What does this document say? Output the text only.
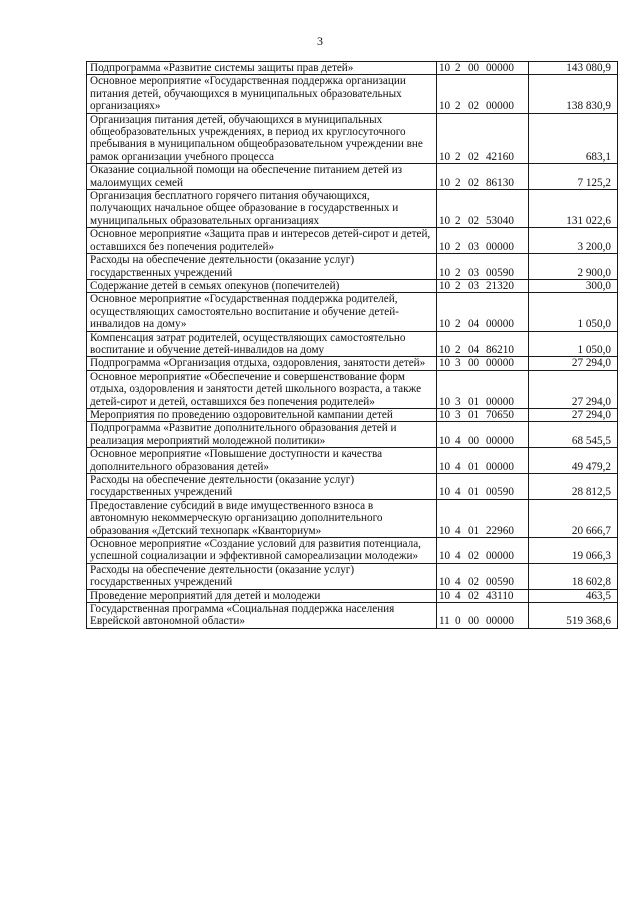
3
Подпрограмма «Развитие системы защиты прав детей»	10 2 00 00000	143 080,9
Основное мероприятие «Государственная поддержка организации питания детей, обучающихся в муниципальных образовательных организациях»	10 2 02 00000	138 830,9
Организация питания детей, обучающихся в муниципальных общеобразовательных учреждениях, в период их круглосуточного пребывания в муниципальном общеобразовательном учреждении вне рамок организации учебного процесса	10 2 02 42160	683,1
Оказание социальной помощи на обеспечение питанием детей из малоимущих семей	10 2 02 86130	7 125,2
Организация бесплатного горячего питания обучающихся, получающих начальное общее образование в государственных и муниципальных образовательных организациях	10 2 02 53040	131 022,6
Основное мероприятие «Защита прав и интересов детей-сирот и детей, оставшихся без попечения родителей»	10 2 03 00000	3 200,0
Расходы на обеспечение деятельности (оказание услуг) государственных учреждений	10 2 03 00590	2 900,0
Содержание детей в семьях опекунов (попечителей)	10 2 03 21320	300,0
Основное мероприятие «Государственная поддержка родителей, осуществляющих самостоятельно воспитание и обучение детей-инвалидов на дому»	10 2 04 00000	1 050,0
Компенсация затрат родителей, осуществляющих самостоятельно воспитание и обучение детей-инвалидов на дому	10 2 04 86210	1 050,0
Подпрограмма «Организация отдыха, оздоровления, занятости детей»	10 3 00 00000	27 294,0
Основное мероприятие «Обеспечение и совершенствование форм отдыха, оздоровления и занятости детей школьного возраста, а также детей-сирот и детей, оставшихся без попечения родителей»	10 3 01 00000	27 294,0
Мероприятия по проведению оздоровительной кампании детей	10 3 01 70650	27 294,0
Подпрограмма «Развитие дополнительного образования детей и реализация мероприятий молодежной политики»	10 4 00 00000	68 545,5
Основное мероприятие «Повышение доступности и качества дополнительного образования детей»	10 4 01 00000	49 479,2
Расходы на обеспечение деятельности (оказание услуг) государственных учреждений	10 4 01 00590	28 812,5
Предоставление субсидий в виде имущественного взноса в автономную некоммерческую организацию дополнительного образования «Детский технопарк «Кванториум»	10 4 01 22960	20 666,7
Основное мероприятие «Создание условий для развития потенциала, успешной социализации и эффективной самореализации молодежи»	10 4 02 00000	19 066,3
Расходы на обеспечение деятельности (оказание услуг) государственных учреждений	10 4 02 00590	18 602,8
Проведение мероприятий для детей и молодежи	10 4 02 43110	463,5
Государственная программа «Социальная поддержка населения Еврейской автономной области»	11 0 00 00000	519 368,6
